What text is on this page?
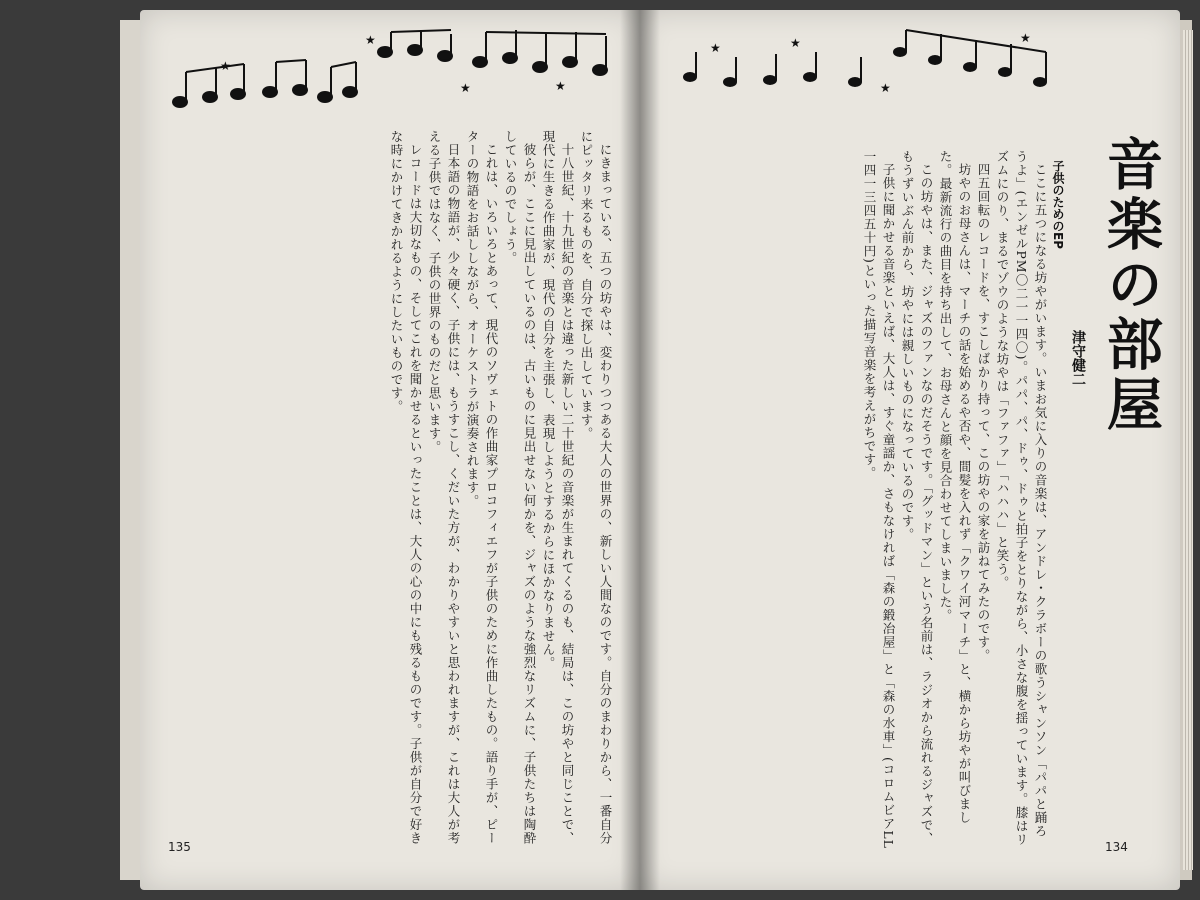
★
★
★	★
★	★
★
★
音楽の部屋
津守健二
子供のためのEP

ここに五つになる坊やがいます。いまお気に入りの音楽は、アンドレ・クラボーの歌うシャンソン「パパと踊ろうよ」(エンゼルPM〇二一一四〇)。パパ、パ、ドゥ、ドゥと拍子をとりながら、小さな腹を揺っています。膝はリズムにのり、まるでゾウのような坊やは「ファファ」「ハハハ」と笑う。

四五回転のレコードを、すこしばかり持って、この坊やの家を訪ねてみたのです。

坊やのお母さんは、マーチの話を始めるや否や、間髪を入れず「クワイ河マーチ」と、横から坊やが叫びました。最新流行の曲目を持ち出して、お母さんと顔を見合わせてしまいました。

この坊やは、また、ジャズのファンなのだそうです。「グッドマン」という名前は、ラジオから流れるジャズで、もうずいぶん前から、坊やには親しいものになっているのです。

子供に聞かせる音楽といえば、大人は、すぐ童謡か、さもなければ「森の鍛冶屋」と「森の水車」(コロムビアLL一四一三四五十円)といった描写音楽を考えがちです。

にきまっている、五つの坊やは、変わりつつある大人の世界の、新しい人間なのです。自分のまわりから、一番自分にピッタリ来るものを、自分で探し出しています。

十八世紀、十九世紀の音楽とは違った新しい二十世紀の音楽が生まれてくるのも、結局は、この坊やと同じことで、現代に生きる作曲家が、現代の自分を主張し、表現しようとするからにほかなりません。

彼らが、ここに見出しているのは、古いものに見出せない何かを、ジャズのような強烈なリズムに、子供たちは陶酔しているのでしょう。

これは、いろいろとあって、現代のソヴェトの作曲家プロコフィエフが子供のために作曲したもの。語り手が、ピーターの物語をお話ししながら、オーケストラが演奏されます。

日本語の物語が、少々硬く、子供には、もうすこし、くだいた方が、わかりやすいと思われますが、これは大人が考える子供ではなく、子供の世界のものだと思います。

レコードは大切なもの、そしてこれを聞かせるといったことは、大人の心の中にも残るものです。子供が自分で好きな時にかけてきかれるようにしたいものです。

135	134
